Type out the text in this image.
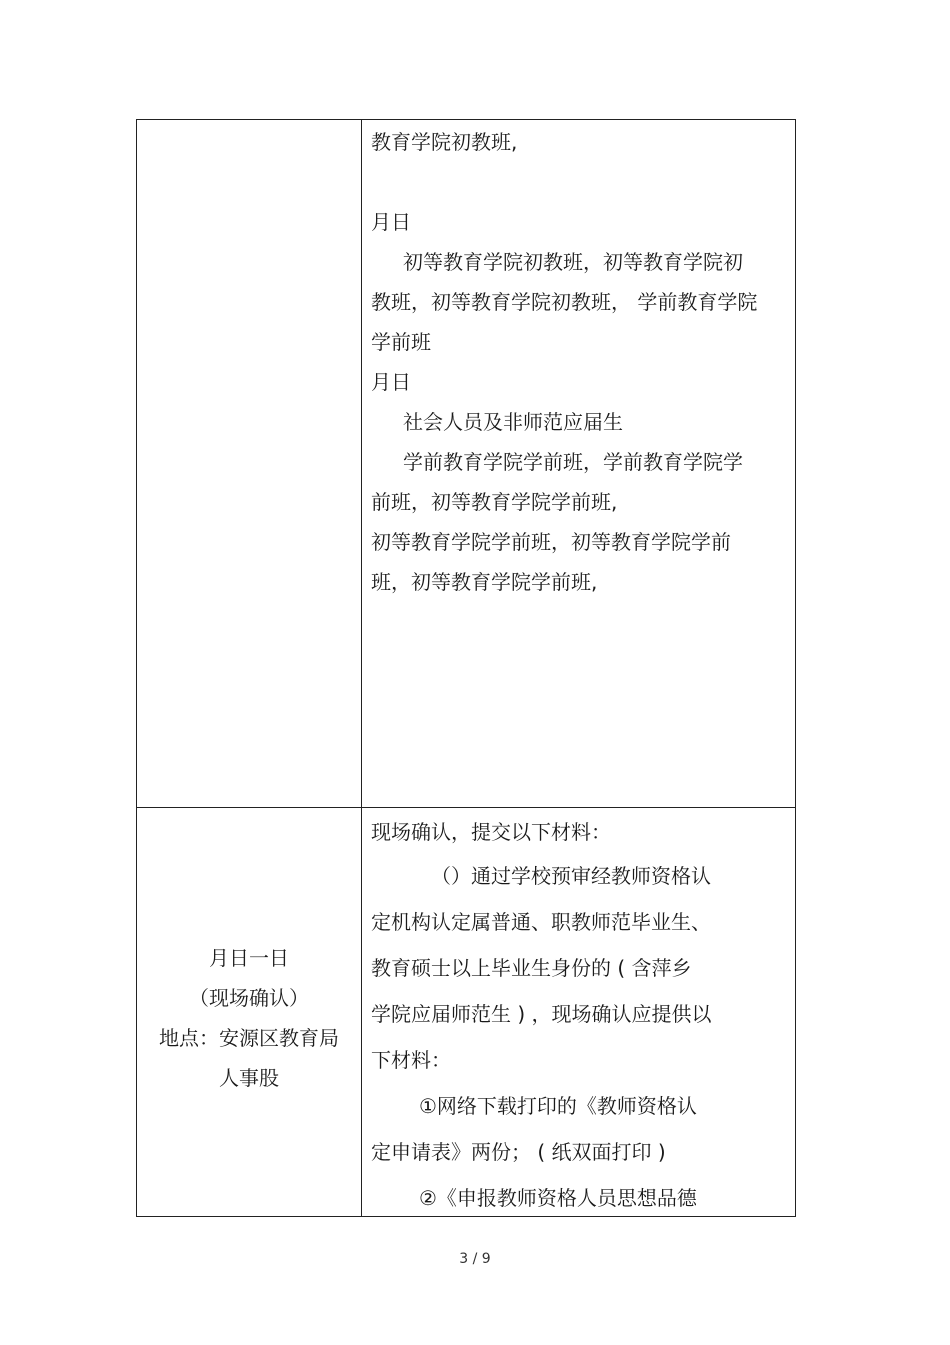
教育学院初教班,
月日
初等教育学院初教班，初等教育学院初
教班，初等教育学院初教班， 学前教育学院
学前班
月日
社会人员及非师范应届生
学前教育学院学前班，学前教育学院学
前班，初等教育学院学前班,
初等教育学院学前班，初等教育学院学前
班，初等教育学院学前班,
月日一日
（现场确认）
地点：安源区教育局
人事股
现场确认，提交以下材料：
（）通过学校预审经教师资格认
定机构认定属普通、职教师范毕业生、
教育硕士以上毕业生身份的 ( 含萍乡
学院应届师范生 ) ，现场确认应提供以
下材料：
①网络下载打印的《教师资格认
定申请表》两份； ( 纸双面打印 )
②《申报教师资格人员思想品德
3 / 9
